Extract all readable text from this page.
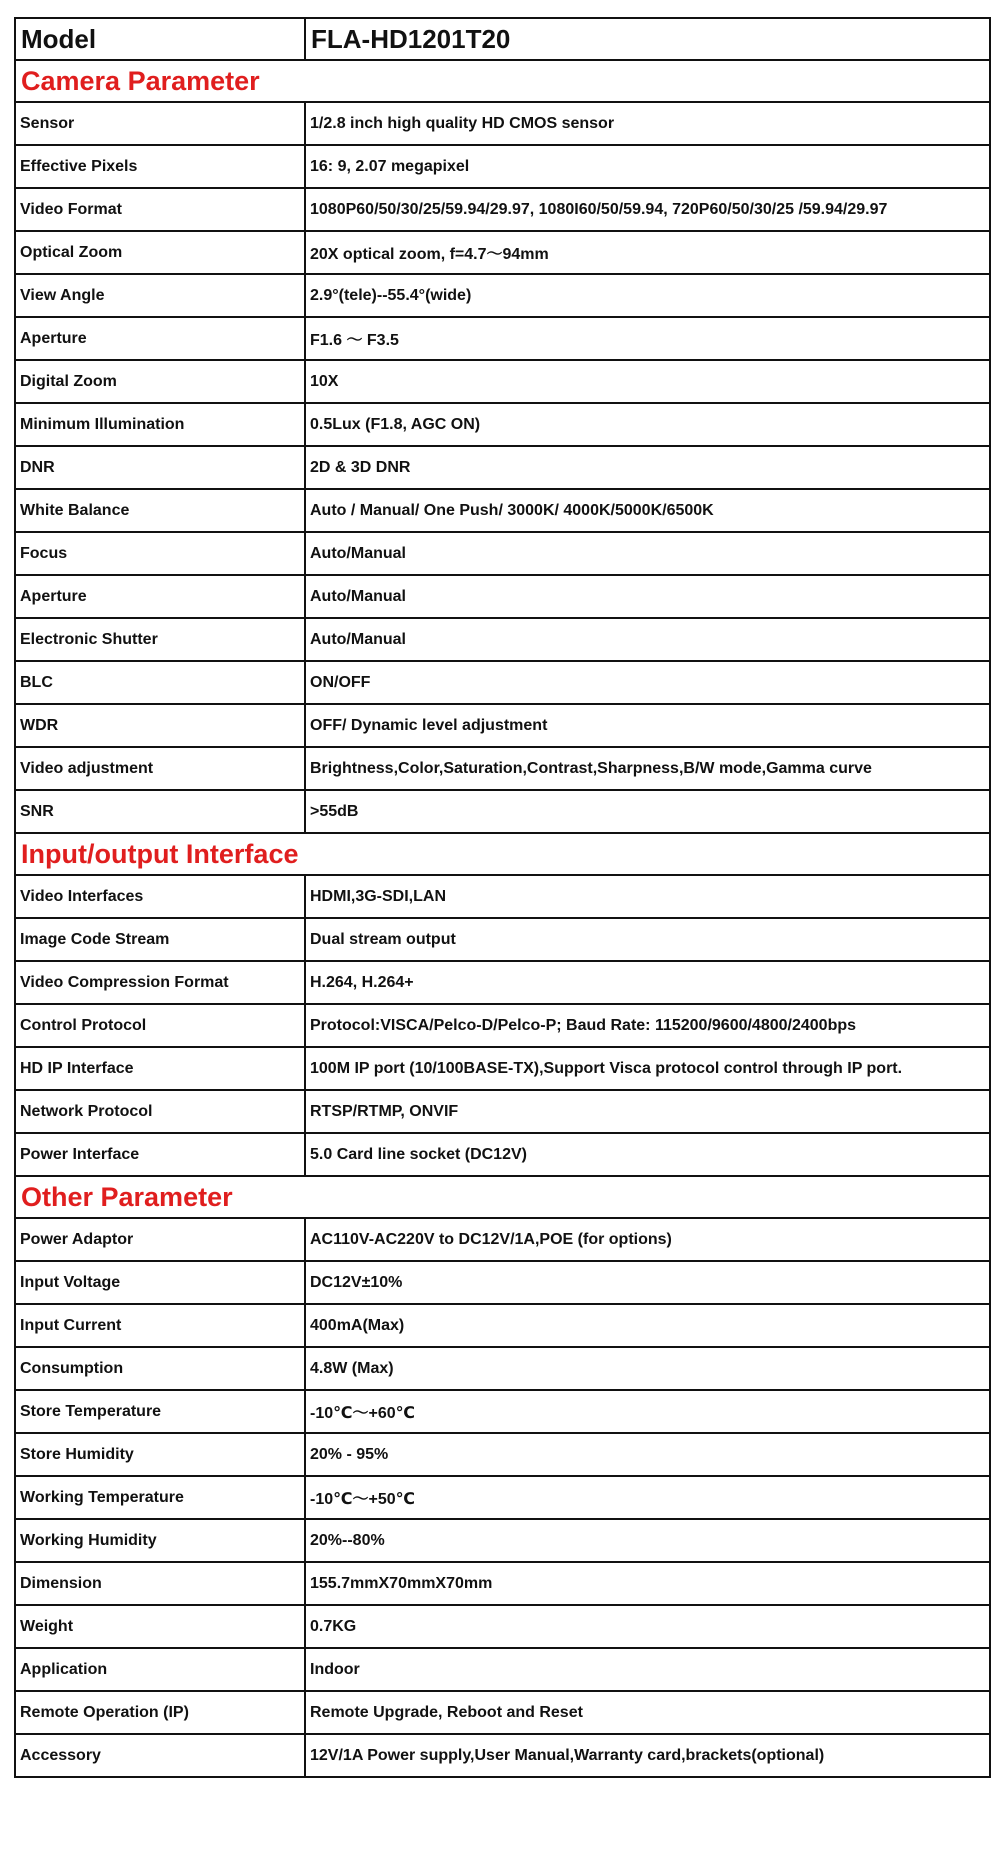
Model	FLA-HD1201T20
Camera Parameter	
Sensor	1/2.8 inch high quality HD CMOS sensor
Effective Pixels	16: 9, 2.07 megapixel
Video Format	1080P60/50/30/25/59.94/29.97, 1080I60/50/59.94, 720P60/50/30/25 /59.94/29.97
Optical Zoom	20X optical zoom, f=4.7～94mm
View Angle	2.9°(tele)--55.4°(wide)
Aperture	F1.6 ～ F3.5
Digital Zoom	10X
Minimum Illumination	0.5Lux (F1.8, AGC ON)
DNR	2D & 3D DNR
White Balance	Auto / Manual/ One Push/ 3000K/ 4000K/5000K/6500K
Focus	Auto/Manual
Aperture	Auto/Manual
Electronic Shutter	Auto/Manual
BLC	ON/OFF
WDR	OFF/ Dynamic level adjustment
Video adjustment	Brightness,Color,Saturation,Contrast,Sharpness,B/W mode,Gamma curve
SNR	>55dB
Input/output Interface	
Video Interfaces	HDMI,3G-SDI,LAN
Image Code Stream	Dual stream output
Video Compression Format	H.264, H.264+
Control Protocol	Protocol:VISCA/Pelco-D/Pelco-P; Baud Rate: 115200/9600/4800/2400bps
HD IP Interface	100M IP port (10/100BASE-TX),Support Visca protocol control through IP port.
Network Protocol	RTSP/RTMP, ONVIF
Power Interface	5.0 Card line socket (DC12V)
Other Parameter	
Power Adaptor	AC110V-AC220V to DC12V/1A,POE (for options)
Input Voltage	DC12V±10%
Input Current	400mA(Max)
Consumption	4.8W (Max)
Store Temperature	-10℃～+60℃
Store Humidity	20% - 95%
Working Temperature	-10℃～+50℃
Working Humidity	20%--80%
Dimension	155.7mmX70mmX70mm
Weight	0.7KG
Application	Indoor
Remote Operation (IP)	Remote Upgrade, Reboot and Reset
Accessory	12V/1A Power supply,User Manual,Warranty card,brackets(optional)
